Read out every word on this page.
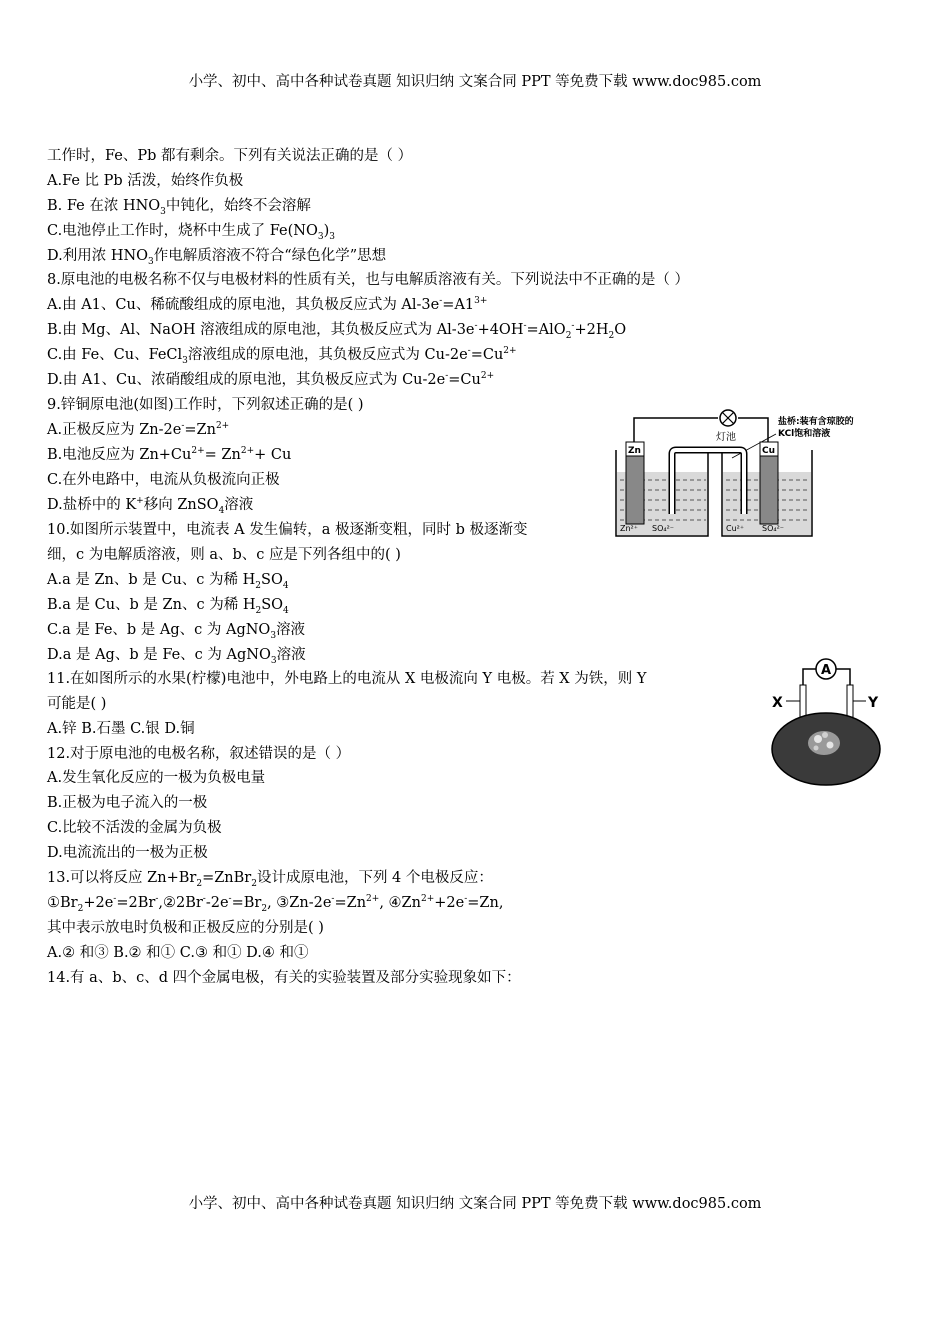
小学、初中、高中各种试卷真题 知识归纳 文案合同 PPT 等免费下载 www.doc985.com
小学、初中、高中各种试卷真题 知识归纳 文案合同 PPT 等免费下载 www.doc985.com
工作时，Fe、Pb 都有剩余。下列有关说法正确的是（ ）
A.Fe 比 Pb 活泼，始终作负极
B. Fe 在浓 $HNO_3$中钝化，始终不会溶解
C.电池停止工作时，烧杯中生成了 $Fe(NO_3)_3$
D.利用浓 $HNO_3$作电解质溶液不符合“绿色化学”思想
8.原电池的电极名称不仅与电极材料的性质有关，也与电解质溶液有关。下列说法中不正确的是（ ）
A.由 A1、Cu、稀硫酸组成的原电池，其负极反应式为 $Al-3e^-=A1^{3+}$
B.由 Mg、Al、NaOH 溶液组成的原电池，其负极反应式为 $Al-3e^-+4OH^-=AlO_2^-+2H_2O$
C.由 Fe、Cu、FeCl$_3$溶液组成的原电池，其负极反应式为 $Cu-2e^-=Cu^{2+}$
D.由 A1、Cu、浓硝酸组成的原电池，其负极反应式为 $Cu-2e^-=Cu^{2+}$
9.锌铜原电池(如图)工作时，下列叙述正确的是( )
A.正极反应为 $Zn-2e^-=Zn^{2+}$
B.电池反应为 $Zn+Cu^{2+}= Zn^{2+}+ Cu$
C.在外电路中，电流从负极流向正极
D.盐桥中的 K+移向 ZnSO$_4$溶液
灯池
盐桥:装有含琼胶的
KCl饱和溶液
Zn	Cu
Zn²⁺ SO₄²⁻	Cu²⁺ SO₄²⁻
10.如图所示装置中，电流表 A 发生偏转，a 极逐渐变粗，同时 b 极逐渐变
细，c 为电解质溶液，则 a、b、c 应是下列各组中的( )
A.a 是 Zn、b 是 Cu、c 为稀 $H_2SO_4$
B.a 是 Cu、b 是 Zn、c 为稀 $H_2SO_4$
C.a 是 Fe、b 是 Ag、c 为 AgNO$_3$溶液
D.a 是 Ag、b 是 Fe、c 为 AgNO$_3$溶液
11.在如图所示的水果(柠檬)电池中，外电路上的电流从 X 电极流向 Y 电极。若 X 为铁，则 Y
可能是( )
A.锌 B.石墨 C.银 D.铜
A
X	Y
12.对于原电池的电极名称，叙述错误的是（ ）
A.发生氧化反应的一极为负极电量
B.正极为电子流入的一极
C.比较不活泼的金属为负极
D.电流流出的一极为正极
13.可以将反应 $Zn+Br_2=ZnBr_2$设计成原电池，下列 4 个电极反应：
$①Br_2+2e^-=2Br^-,②2Br^--2e^-=Br_2$, ③Zn-$2e^-=Zn^{2+}$, $④Zn^{2+}+2e^-=Zn$,
其中表示放电时负极和正极反应的分别是( )
A.② 和③ B.② 和① C.③ 和① D.④ 和①
14.有 a、b、c、d 四个金属电极，有关的实验装置及部分实验现象如下：
